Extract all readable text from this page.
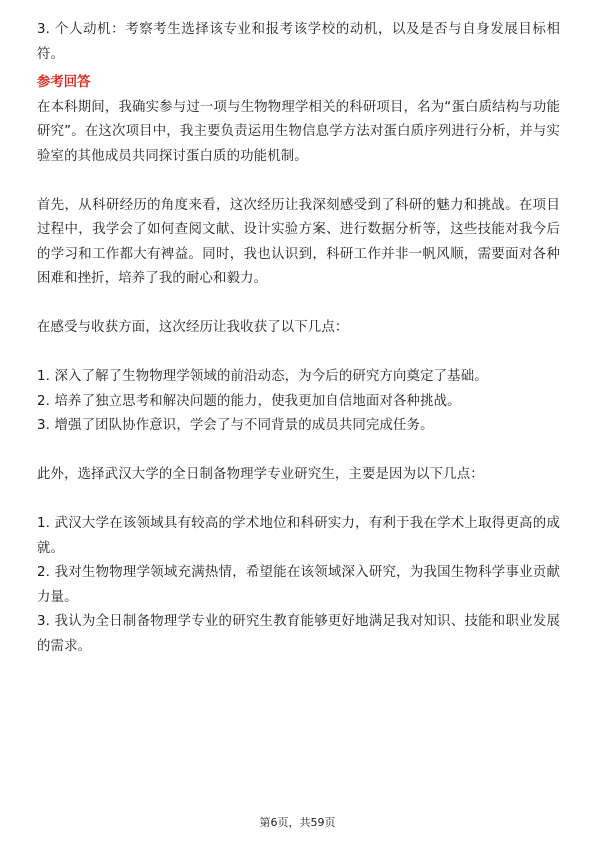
3. 个人动机：考察考生选择该专业和报考该学校的动机，以及是否与自身发展目标相符。

参考回答

在本科期间，我确实参与过一项与生物物理学相关的科研项目，名为“蛋白质结构与功能研究”。在这次项目中，我主要负责运用生物信息学方法对蛋白质序列进行分析，并与实验室的其他成员共同探讨蛋白质的功能机制。

首先，从科研经历的角度来看，这次经历让我深刻感受到了科研的魅力和挑战。在项目过程中，我学会了如何查阅文献、设计实验方案、进行数据分析等，这些技能对我今后的学习和工作都大有裨益。同时，我也认识到，科研工作并非一帆风顺，需要面对各种困难和挫折，培养了我的耐心和毅力。

在感受与收获方面，这次经历让我收获了以下几点：

1. 深入了解了生物物理学领域的前沿动态，为今后的研究方向奠定了基础。

2. 培养了独立思考和解决问题的能力，使我更加自信地面对各种挑战。

3. 增强了团队协作意识，学会了与不同背景的成员共同完成任务。

此外，选择武汉大学的全日制备物理学专业研究生，主要是因为以下几点：

1. 武汉大学在该领域具有较高的学术地位和科研实力，有利于我在学术上取得更高的成就。

2. 我对生物物理学领域充满热情，希望能在该领域深入研究，为我国生物科学事业贡献力量。

3. 我认为全日制备物理学专业的研究生教育能够更好地满足我对知识、技能和职业发展的需求。

第6页，共59页
